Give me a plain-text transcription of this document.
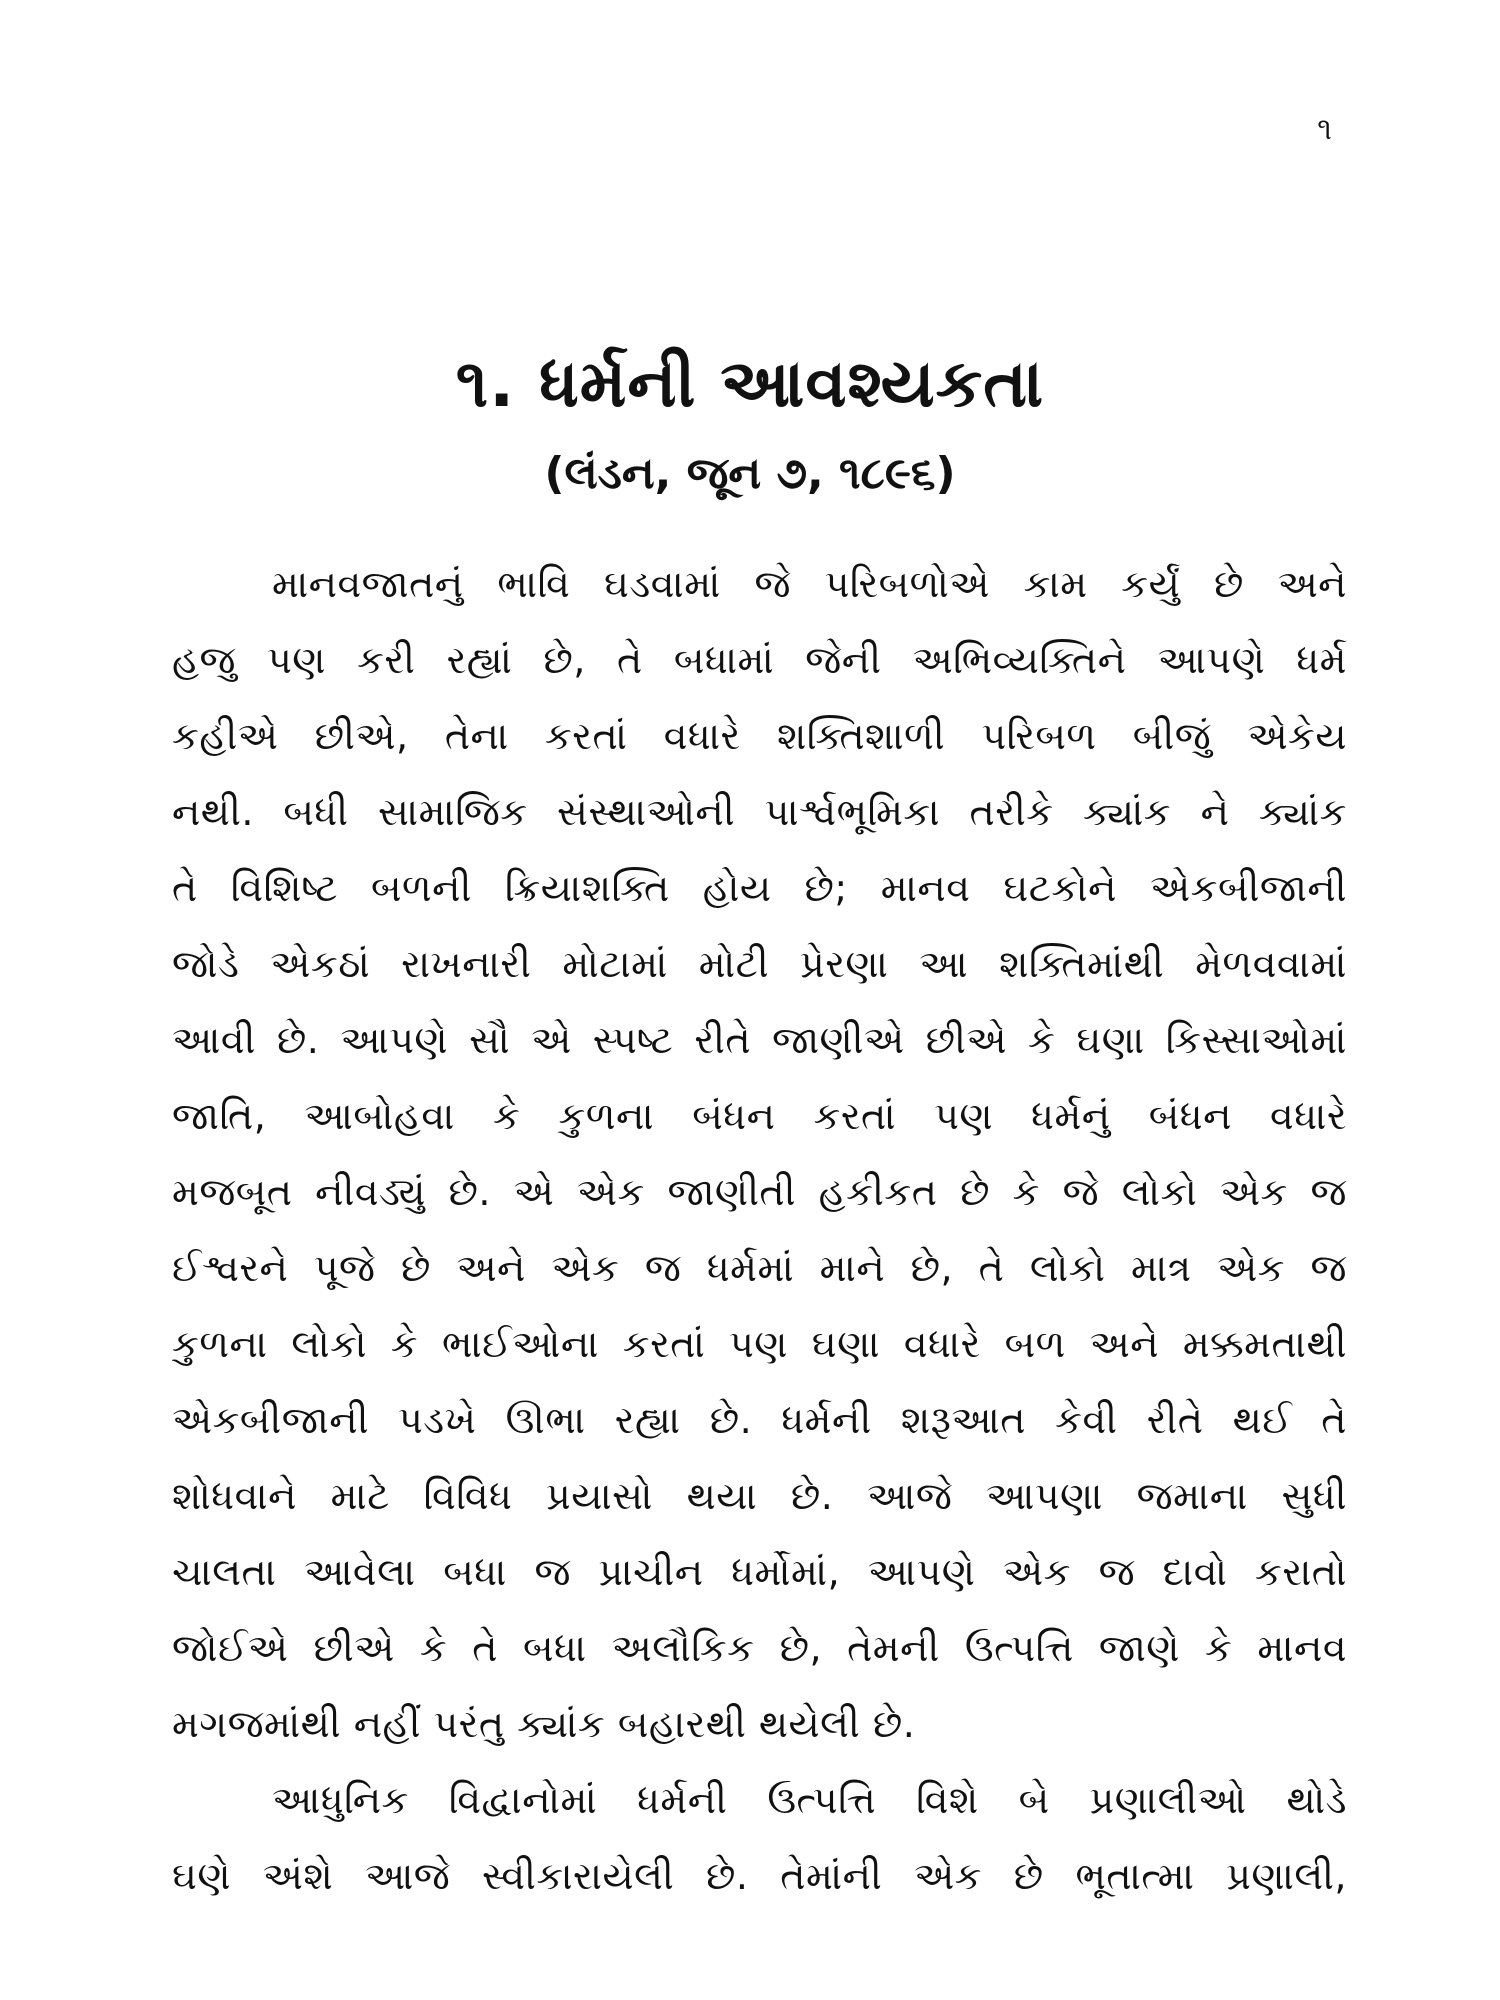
૧
૧. ધર્મની આવશ્યકતા
(લંડન, જૂન ૭, ૧૮૯૬)
માનવજાતનું ભાવિ ઘડવામાં જે પરિબળોએ કામ કર્યું છે અને
હજુ પણ કરી રહ્યાં છે, તે બધામાં જેની અભિવ્યક્તિને આપણે ધર્મ
કહીએ છીએ, તેના કરતાં વધારે શક્તિશાળી પરિબળ બીજું એકેય
નથી. બધી સામાજિક સંસ્થાઓની પાર્શ્વભૂમિકા તરીકે ક્યાંક ને ક્યાંક
તે વિશિષ્ટ બળની ક્રિયાશક્તિ હોય છે; માનવ ઘટકોને એકબીજાની
જોડે એકઠાં રાખનારી મોટામાં મોટી પ્રેરણા આ શક્તિમાંથી મેળવવામાં
આવી છે. આપણે સૌ એ સ્પષ્ટ રીતે જાણીએ છીએ કે ઘણા કિસ્સાઓમાં
જાતિ, આબોહવા કે કુળના બંધન કરતાં પણ ધર્મનું બંધન વધારે
મજબૂત નીવડ્યું છે. એ એક જાણીતી હકીકત છે કે જે લોકો એક જ
ઈશ્વરને પૂજે છે અને એક જ ધર્મમાં માને છે, તે લોકો માત્ર એક જ
કુળના લોકો કે ભાઈઓના કરતાં પણ ઘણા વધારે બળ અને મક્કમતાથી
એકબીજાની પડખે ઊભા રહ્યા છે. ધર્મની શરૂઆત કેવી રીતે થઈ તે
શોધવાને માટે વિવિધ પ્રયાસો થયા છે. આજે આપણા જમાના સુધી
ચાલતા આવેલા બધા જ પ્રાચીન ધર્મોમાં, આપણે એક જ દાવો કરાતો
જોઈએ છીએ કે તે બધા અલૌકિક છે, તેમની ઉત્પત્તિ જાણે કે માનવ
મગજમાંથી નહીં પરંતુ ક્યાંક બહારથી થયેલી છે.
આધુનિક વિદ્વાનોમાં ધર્મની ઉત્પત્તિ વિશે બે પ્રણાલીઓ થોડે
ઘણે અંશે આજે સ્વીકારાયેલી છે. તેમાંની એક છે ભૂતાત્મા પ્રણાલી,
